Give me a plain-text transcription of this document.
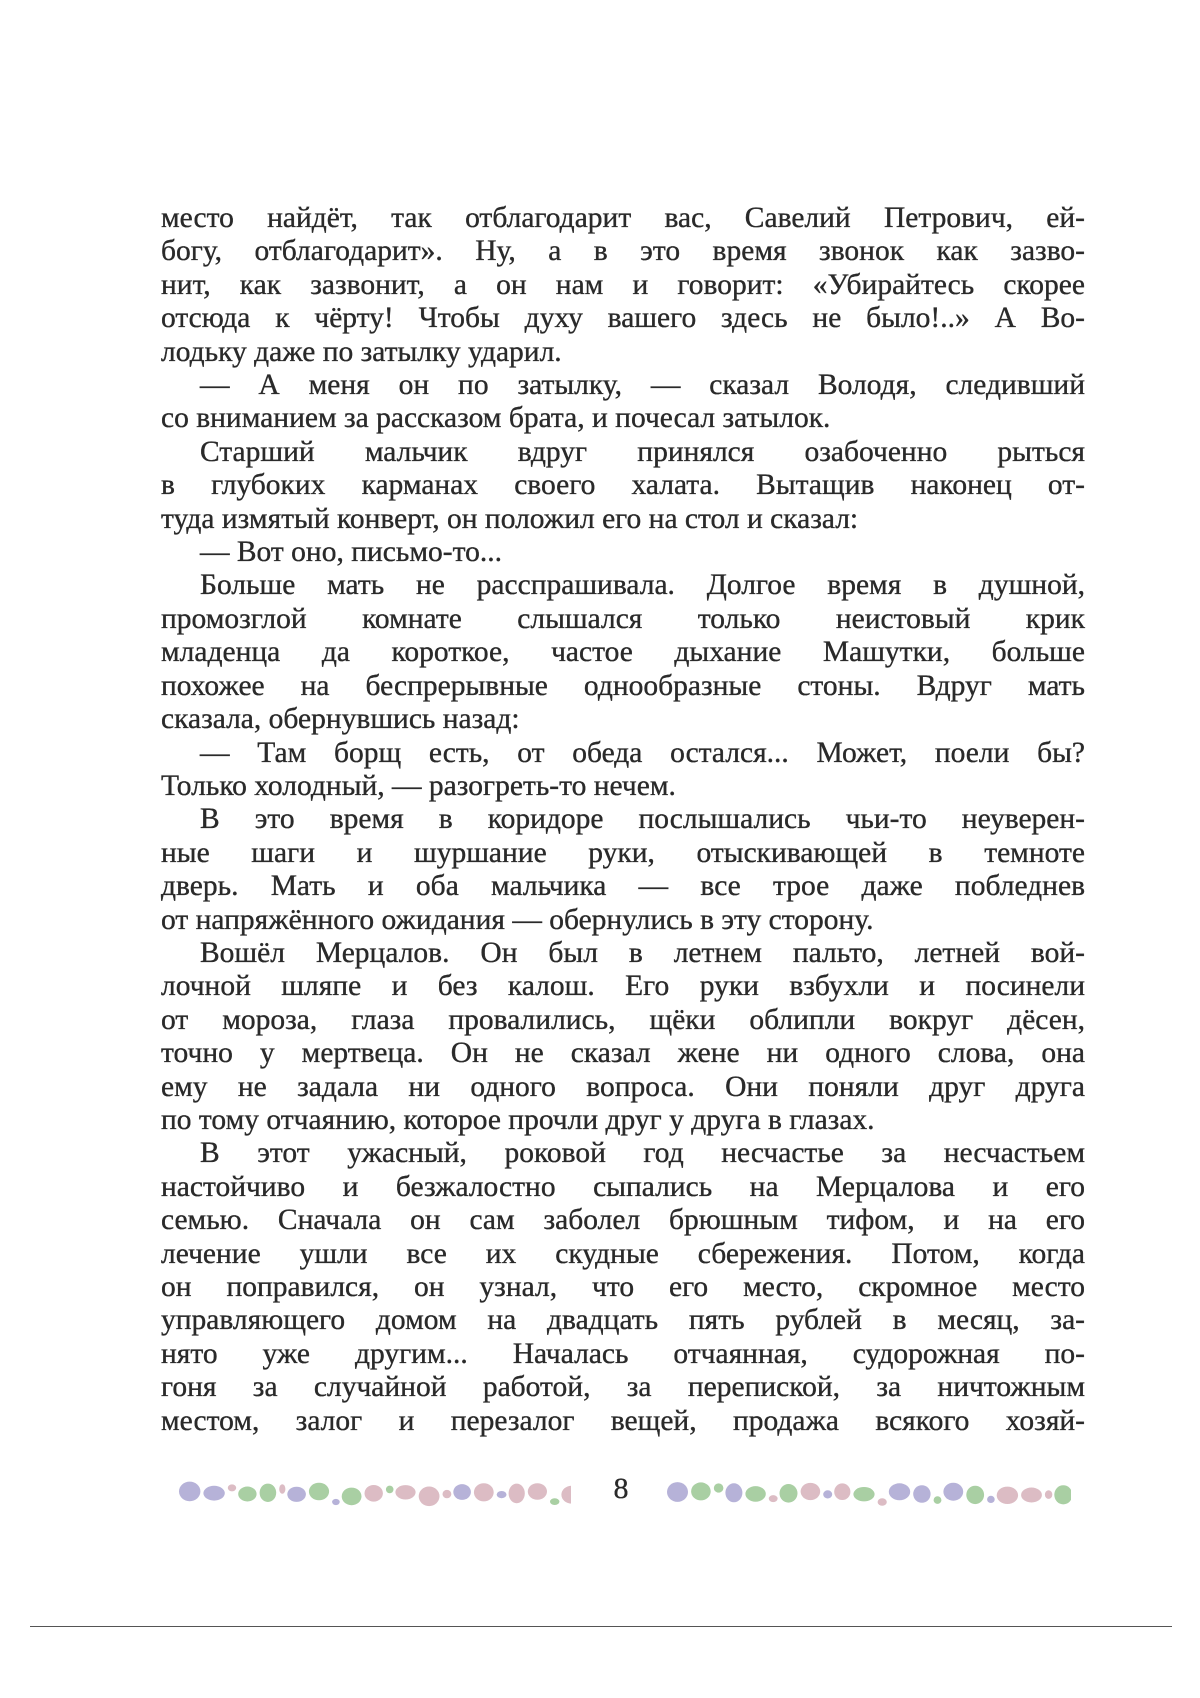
место найдёт, так отблагодарит вас, Савелий Петрович, ей-

богу, отблагодарит». Ну, а в это время звонок как зазво-

нит, как зазвонит, а он нам и говорит: «Убирайтесь скорее

отсюда к чёрту! Чтобы духу вашего здесь не было!..» А Во-

лодьку даже по затылку ударил.

— А меня он по затылку, — сказал Володя, следивший

со вниманием за рассказом брата, и почесал затылок.

Старший мальчик вдруг принялся озабоченно рыться

в глубоких карманах своего халата. Вытащив наконец от-

туда измятый конверт, он положил его на стол и сказал:

— Вот оно, письмо-то...

Больше мать не расспрашивала. Долгое время в душной,

промозглой комнате слышался только неистовый крик

младенца да короткое, частое дыхание Машутки, больше

похожее на беспрерывные однообразные стоны. Вдруг мать

сказала, обернувшись назад:

— Там борщ есть, от обеда остался... Может, поели бы?

Только холодный, — разогреть-то нечем.

В это время в коридоре послышались чьи-то неуверен-

ные шаги и шуршание руки, отыскивающей в темноте

дверь. Мать и оба мальчика — все трое даже побледнев

от напряжённого ожидания — обернулись в эту сторону.

Вошёл Мерцалов. Он был в летнем пальто, летней вой-

лочной шляпе и без калош. Его руки взбухли и посинели

от мороза, глаза провалились, щёки облипли вокруг дёсен,

точно у мертвеца. Он не сказал жене ни одного слова, она

ему не задала ни одного вопроса. Они поняли друг друга

по тому отчаянию, которое прочли друг у друга в глазах.

В этот ужасный, роковой год несчастье за несчастьем

настойчиво и безжалостно сыпались на Мерцалова и его

семью. Сначала он сам заболел брюшным тифом, и на его

лечение ушли все их скудные сбережения. Потом, когда

он поправился, он узнал, что его место, скромное место

управляющего домом на двадцать пять рублей в месяц, за-

нято уже другим... Началась отчаянная, судорожная по-

гоня за случайной работой, за перепиской, за ничтожным

местом, залог и перезалог вещей, продажа всякого хозяй-

8
